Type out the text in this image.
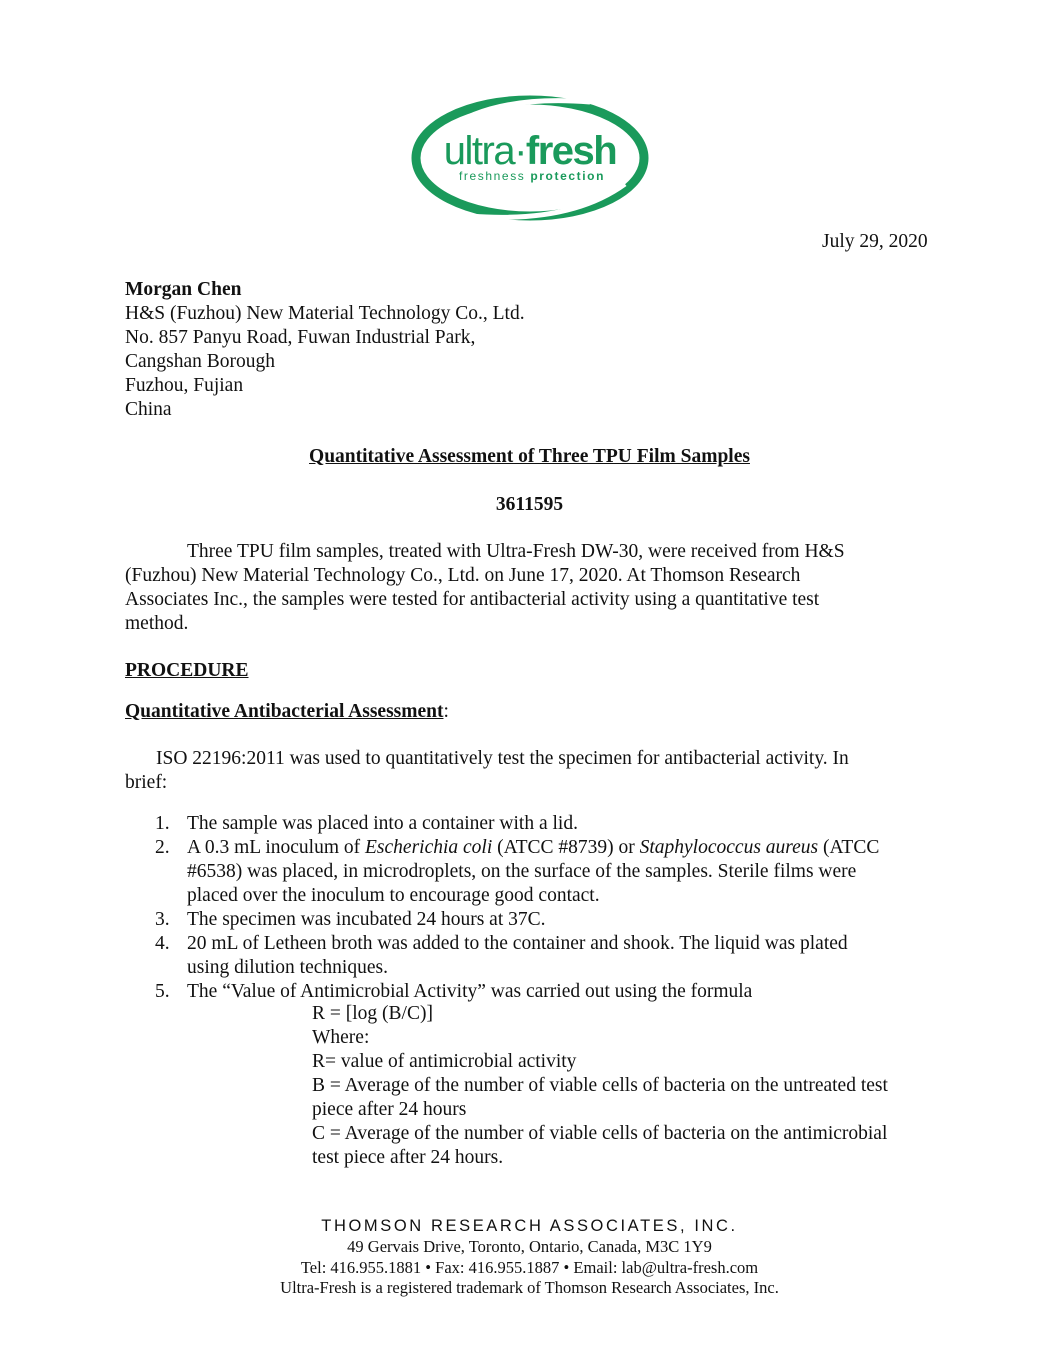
ultra·fresh
freshness protection
July 29, 2020
Morgan Chen
H&S (Fuzhou) New Material Technology Co., Ltd.
No. 857 Panyu Road, Fuwan Industrial Park,
Cangshan Borough
Fuzhou, Fujian
China
Quantitative Assessment of Three TPU Film Samples
3611595
Three TPU film samples, treated with Ultra-Fresh DW-30, were received from H&S
(Fuzhou) New Material Technology Co., Ltd. on June 17, 2020. At Thomson Research
Associates Inc., the samples were tested for antibacterial activity using a quantitative test
method.
PROCEDURE
Quantitative Antibacterial Assessment:
ISO 22196:2011 was used to quantitatively test the specimen for antibacterial activity. In
brief:
1. The sample was placed into a container with a lid.
2. A 0.3 mL inoculum of Escherichia coli (ATCC #8739) or Staphylococcus aureus (ATCC
#6538) was placed, in microdroplets, on the surface of the samples. Sterile films were
placed over the inoculum to encourage good contact.
3. The specimen was incubated 24 hours at 37C.
4. 20 mL of Letheen broth was added to the container and shook. The liquid was plated
using dilution techniques.
5. The “Value of Antimicrobial Activity” was carried out using the formula
R = [log (B/C)]
Where:
R= value of antimicrobial activity
B = Average of the number of viable cells of bacteria on the untreated test
piece after 24 hours
C = Average of the number of viable cells of bacteria on the antimicrobial
test piece after 24 hours.
THOMSON RESEARCH ASSOCIATES, INC.
49 Gervais Drive, Toronto, Ontario, Canada, M3C 1Y9
Tel: 416.955.1881 • Fax: 416.955.1887 • Email: lab@ultra-fresh.com
Ultra-Fresh is a registered trademark of Thomson Research Associates, Inc.
